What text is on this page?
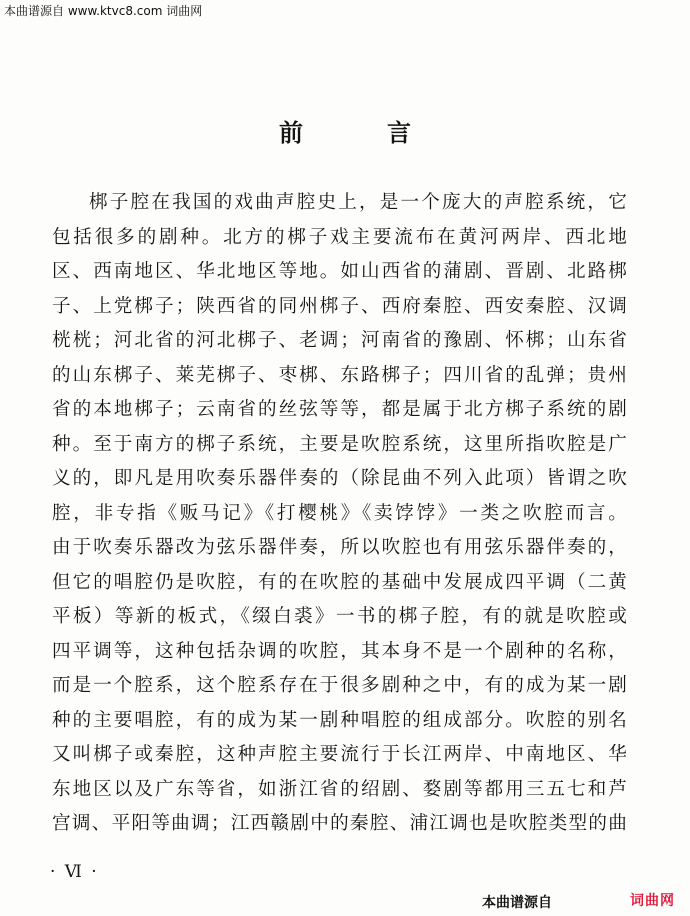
本曲谱源自 www.ktvc8.com 词曲网
前言
梆子腔在我国的戏曲声腔史上，是一个庞大的声腔系统，它
包括很多的剧种。北方的梆子戏主要流布在黄河两岸、西北地
区、西南地区、华北地区等地。如山西省的蒲剧、晋剧、北路梆
子、上党梆子；陕西省的同州梆子、西府秦腔、西安秦腔、汉调
桄桄；河北省的河北梆子、老调；河南省的豫剧、怀梆；山东省
的山东梆子、莱芜梆子、枣梆、东路梆子；四川省的乱弹；贵州
省的本地梆子；云南省的丝弦等等，都是属于北方梆子系统的剧
种。至于南方的梆子系统，主要是吹腔系统，这里所指吹腔是广
义的，即凡是用吹奏乐器伴奏的（除昆曲不列入此项）皆谓之吹
腔，非专指《贩马记》《打樱桃》《卖饽饽》一类之吹腔而言。
由于吹奏乐器改为弦乐器伴奏，所以吹腔也有用弦乐器伴奏的，
但它的唱腔仍是吹腔，有的在吹腔的基础中发展成四平调（二黄
平板）等新的板式，《缀白裘》一书的梆子腔，有的就是吹腔或
四平调等，这种包括杂调的吹腔，其本身不是一个剧种的名称，
而是一个腔系，这个腔系存在于很多剧种之中，有的成为某一剧
种的主要唱腔，有的成为某一剧种唱腔的组成部分。吹腔的别名
又叫梆子或秦腔，这种声腔主要流行于长江两岸、中南地区、华
东地区以及广东等省，如浙江省的绍剧、婺剧等都用三五七和芦
宫调、平阳等曲调；江西赣剧中的秦腔、浦江调也是吹腔类型的曲
· Ⅵ ·
本曲谱源自	词曲网
